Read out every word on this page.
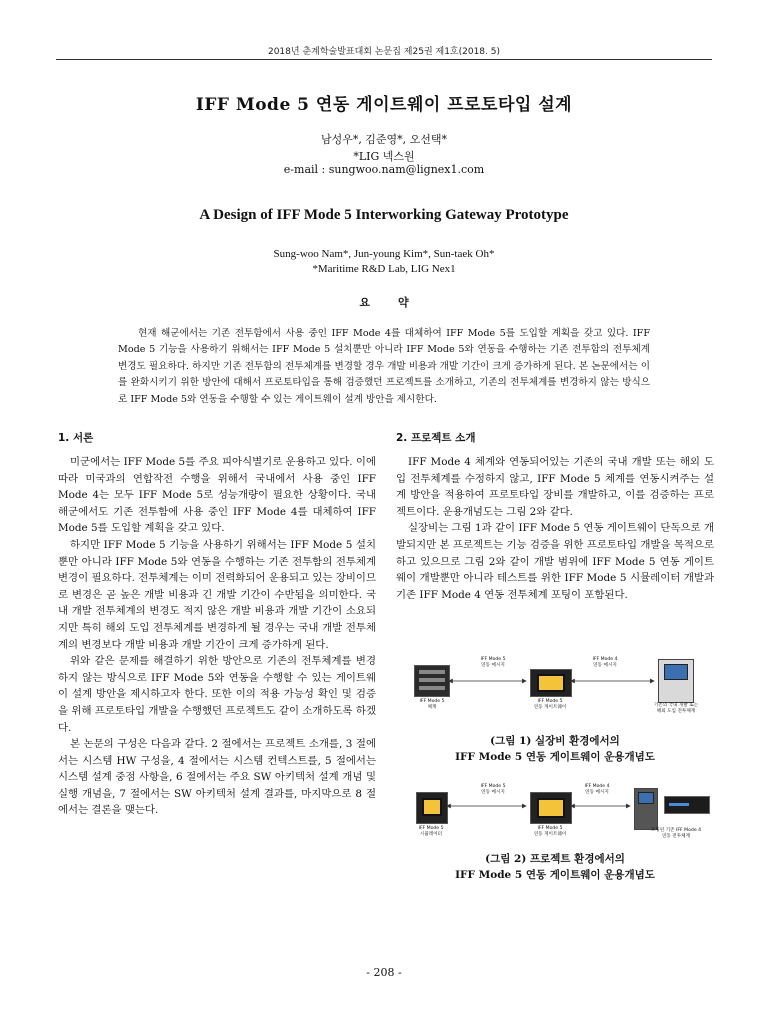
2018년 춘계학술발표대회 논문집 제25권 제1호(2018. 5)
IFF Mode 5 연동 게이트웨이 프로토타입 설계
남성우*, 김준영*, 오선택*
*LIG 넥스원
e-mail : sungwoo.nam@lignex1.com
A Design of IFF Mode 5 Interworking Gateway Prototype
Sung-woo Nam*, Jun-young Kim*, Sun-taek Oh*
*Maritime R&D Lab, LIG Nex1
요약

현재 해군에서는 기존 전투함에서 사용 중인 IFF Mode 4를 대체하여 IFF Mode 5를 도입할 계획을 갖고 있다. IFF Mode 5 기능을 사용하기 위해서는 IFF Mode 5 설치뿐만 아니라 IFF Mode 5와 연동을 수행하는 기존 전투함의 전투체계 변경도 필요하다. 하지만 기존 전투함의 전투체계를 변경할 경우 개발 비용과 개발 기간이 크게 증가하게 된다. 본 논문에서는 이를 완화시키기 위한 방안에 대해서 프로토타입을 통해 검증했던 프로젝트를 소개하고, 기존의 전투체계를 변경하지 않는 방식으로 IFF Mode 5와 연동을 수행할 수 있는 게이트웨이 설계 방안을 제시한다.

1. 서론

미군에서는 IFF Mode 5를 주요 피아식별기로 운용하고 있다. 이에 따라 미국과의 연합작전 수행을 위해서 국내에서 사용 중인 IFF Mode 4는 모두 IFF Mode 5로 성능개량이 필요한 상황이다. 국내 해군에서도 기존 전투함에 사용 중인 IFF Mode 4를 대체하여 IFF Mode 5를 도입할 계획을 갖고 있다.

하지만 IFF Mode 5 기능을 사용하기 위해서는 IFF Mode 5 설치뿐만 아니라 IFF Mode 5와 연동을 수행하는 기존 전투함의 전투체계 변경이 필요하다. 전투체계는 이미 전력화되어 운용되고 있는 장비이므로 변경은 곧 높은 개발 비용과 긴 개발 기간이 수반됨을 의미한다. 국내 개발 전투체계의 변경도 적지 않은 개발 비용과 개발 기간이 소요되지만 특히 해외 도입 전투체계를 변경하게 될 경우는 국내 개발 전투체계의 변경보다 개발 비용과 개발 기간이 크게 증가하게 된다.

위와 같은 문제를 해결하기 위한 방안으로 기존의 전투체계를 변경하지 않는 방식으로 IFF Mode 5와 연동을 수행할 수 있는 게이트웨이 설계 방안을 제시하고자 한다. 또한 이의 적용 가능성 확인 및 검증을 위해 프로토타입 개발을 수행했던 프로젝트도 같이 소개하도록 하겠다.

본 논문의 구성은 다음과 같다. 2 절에서는 프로젝트 소개를, 3 절에서는 시스템 HW 구성을, 4 절에서는 시스템 컨텍스트를, 5 절에서는 시스템 설계 중점 사항을, 6 절에서는 주요 SW 아키텍처 설계 개념 및 실행 개념을, 7 절에서는 SW 아키텍처 설계 결과를, 마지막으로 8 절에서는 결론을 맺는다.

2. 프로젝트 소개

IFF Mode 4 체계와 연동되어있는 기존의 국내 개발 또는 해외 도입 전투체계를 수정하지 않고, IFF Mode 5 체계를 연동시켜주는 설계 방안을 적용하여 프로토타입 장비를 개발하고, 이를 검증하는 프로젝트이다. 운용개념도는 그림 2와 같다.

실장비는 그림 1과 같이 IFF Mode 5 연동 게이트웨이 단독으로 개발되지만 본 프로젝트는 기능 검증을 위한 프로토타입 개발을 목적으로 하고 있으므로 그림 2와 같이 개발 범위에 IFF Mode 5 연동 게이트웨이 개발뿐만 아니라 테스트를 위한 IFF Mode 5 시뮬레이터 개발과 기존 IFF Mode 4 연동 전투체계 포팅이 포함된다.

IFF Mode 5
체계
IFF Mode 5
연동 게이트웨이	기존의 국내 개발 또는
해외 도입 전투체계
IFF Mode 5
연동 메시지
IFF Mode 4
연동 메시지
(그림 1) 실장비 환경에서의
IFF Mode 5 연동 게이트웨이 운용개념도
IFF Mode 5
시뮬레이터
IFF Mode 5
연동 게이트웨이
포팅된 기존 IFF Mode 4
연동 전투체계
IFF Mode 5
연동 메시지
IFF Mode 4
연동 메시지
(그림 2) 프로젝트 환경에서의
IFF Mode 5 연동 게이트웨이 운용개념도
- 208 -
